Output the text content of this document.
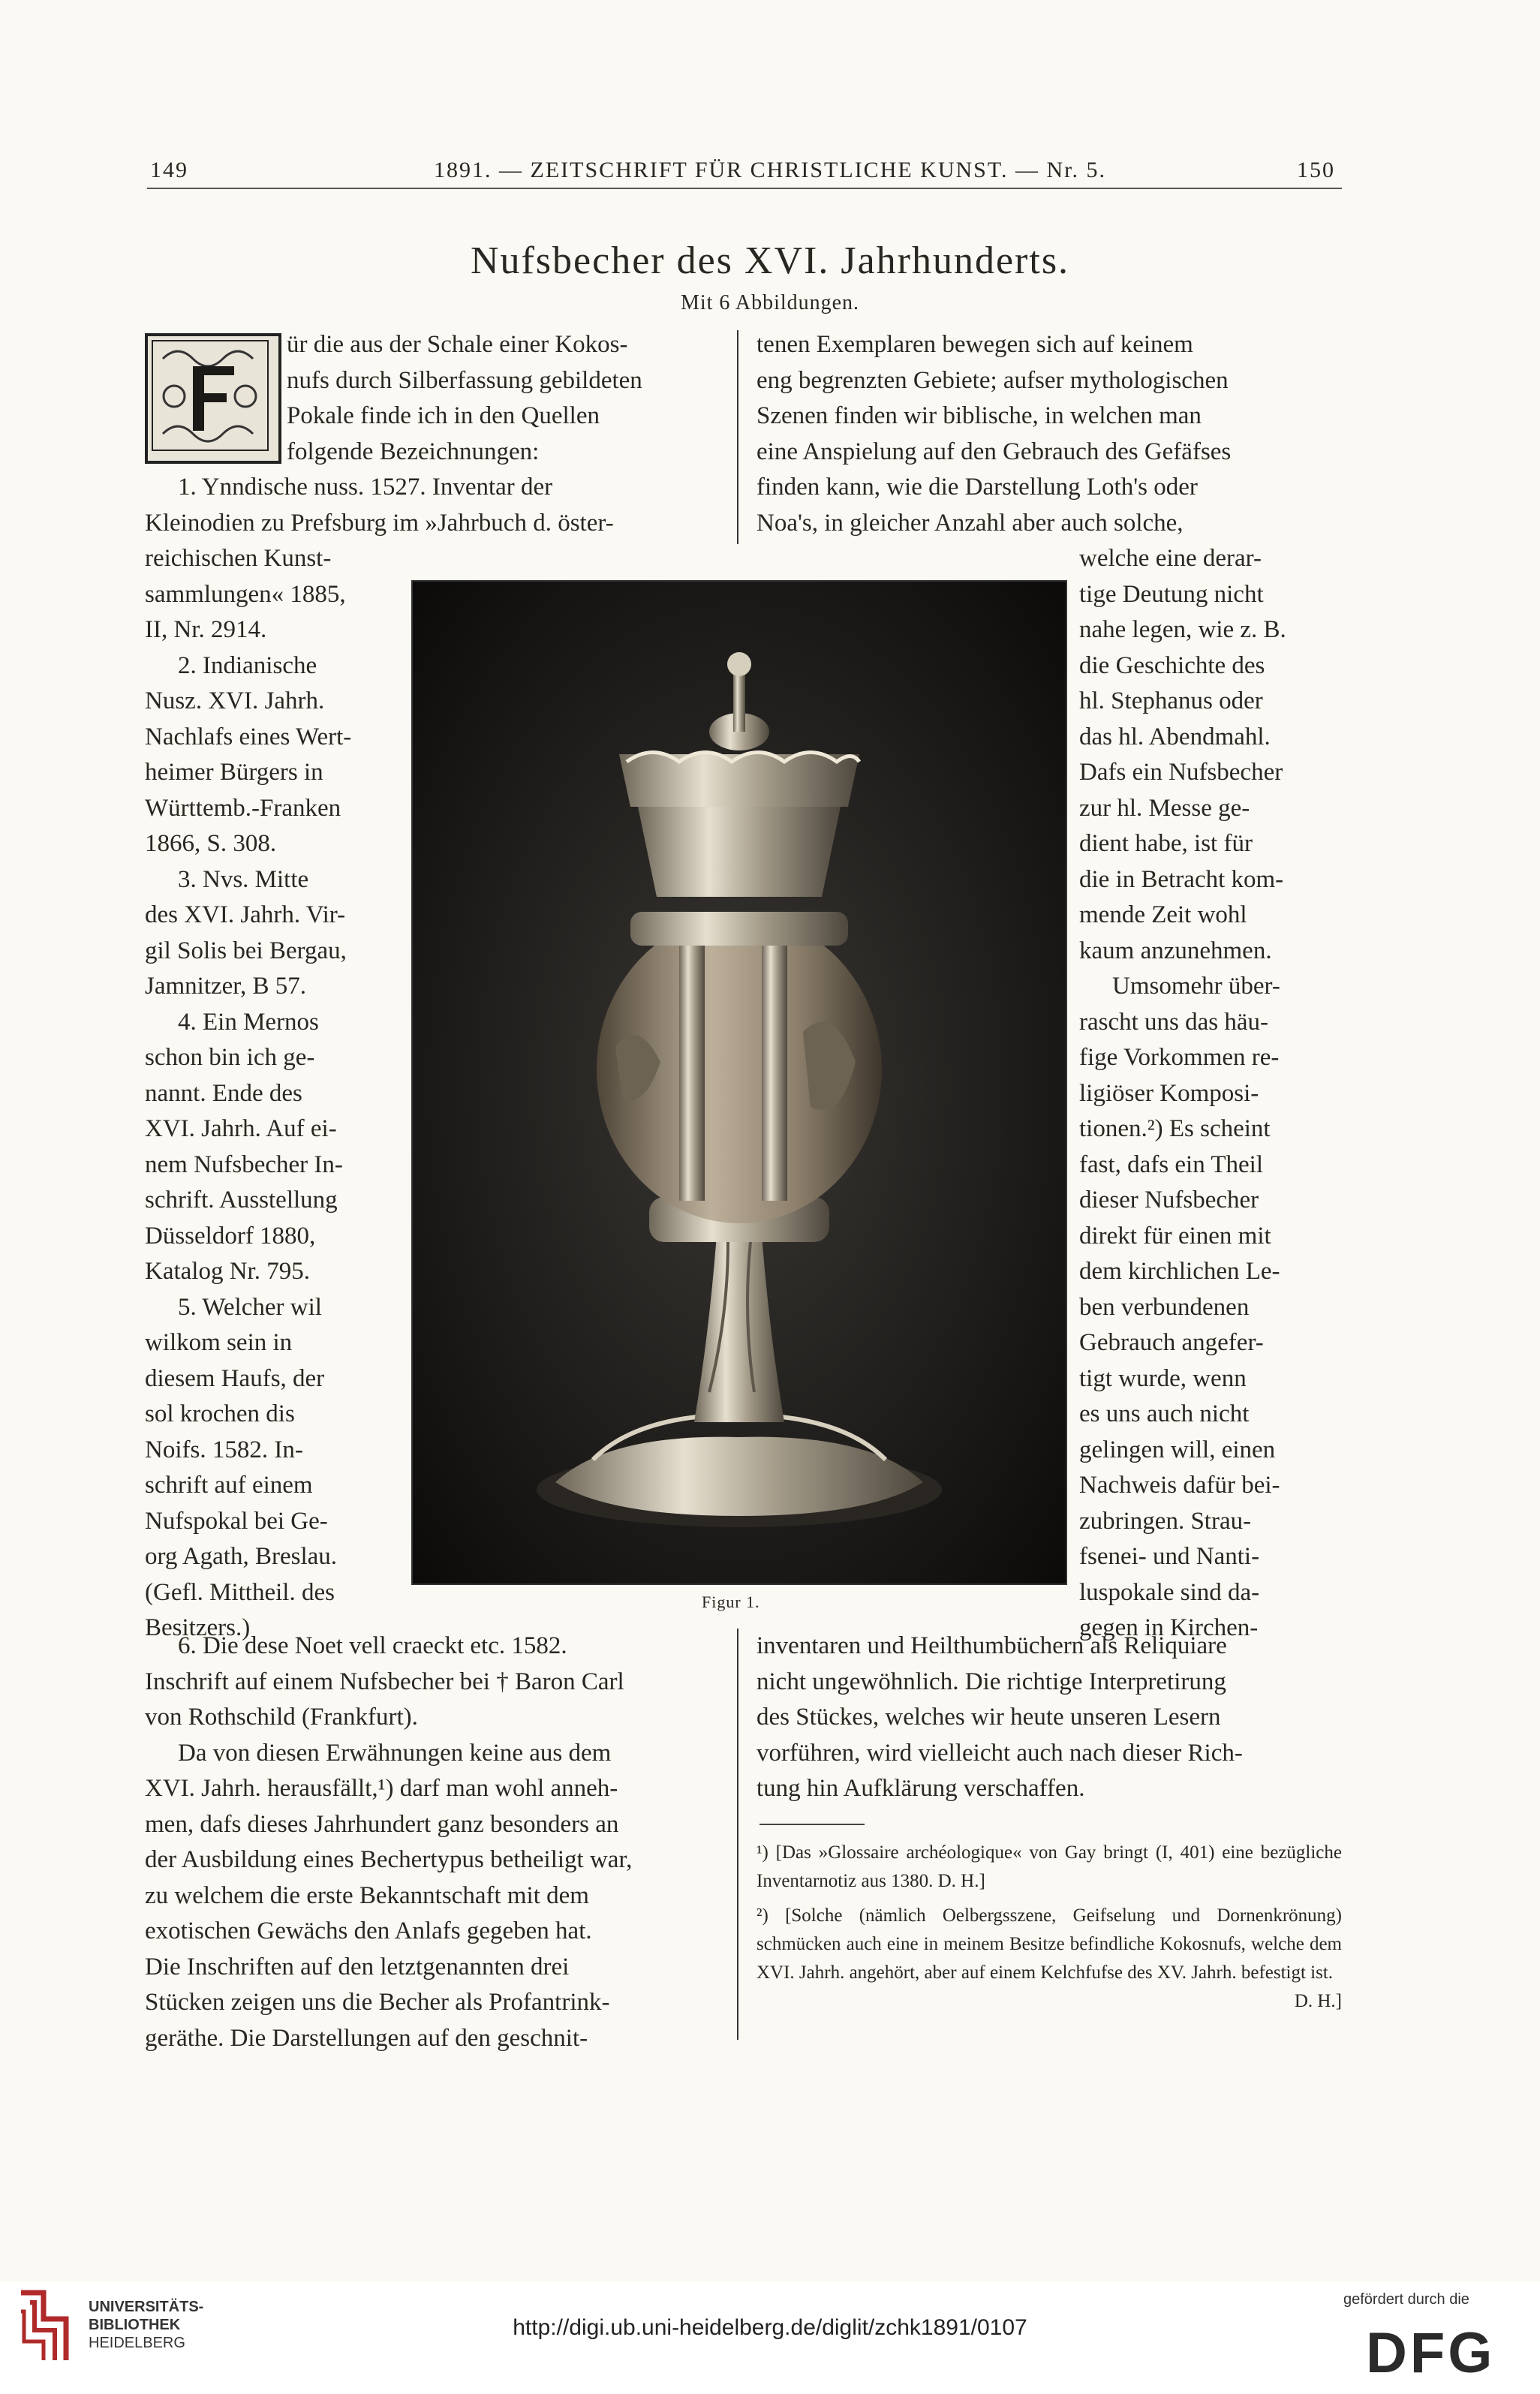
149	1891. — ZEITSCHRIFT FÜR CHRISTLICHE KUNST. — Nr. 5.	150
Nufsbecher des XVI. Jahrhunderts.
Mit 6 Abbildungen.

ür die aus der Schale einer Kokos-

nufs durch Silberfassung gebildeten

Pokale finde ich in den Quellen

folgende Bezeichnungen:

1. Ynndische nuss. 1527. Inventar der

Kleinodien zu Prefsburg im »Jahrbuch d. öster-

reichischen Kunst-

sammlungen« 1885,

II, Nr. 2914.

2. Indianische

Nusz. XVI. Jahrh.

Nachlafs eines Wert-

heimer Bürgers in

Württemb.-Franken

1866, S. 308.

3. Nvs. Mitte

des XVI. Jahrh. Vir-

gil Solis bei Bergau,

Jamnitzer, B 57.

4. Ein Mernos

schon bin ich ge-

nannt. Ende des

XVI. Jahrh. Auf ei-

nem Nufsbecher In-

schrift. Ausstellung

Düsseldorf 1880,

Katalog Nr. 795.

5. Welcher wil

wilkom sein in

diesem Haufs, der

sol krochen dis

Noifs. 1582. In-

schrift auf einem

Nufspokal bei Ge-

org Agath, Breslau.

(Gefl. Mittheil. des

Besitzers.)

6. Die dese Noet vell craeckt etc. 1582.

Inschrift auf einem Nufsbecher bei † Baron Carl

von Rothschild (Frankfurt).

Da von diesen Erwähnungen keine aus dem

XVI. Jahrh. herausfällt,¹) darf man wohl anneh-

men, dafs dieses Jahrhundert ganz besonders an

der Ausbildung eines Bechertypus betheiligt war,

zu welchem die erste Bekanntschaft mit dem

exotischen Gewächs den Anlafs gegeben hat.

Die Inschriften auf den letztgenannten drei

Stücken zeigen uns die Becher als Profantrink-

geräthe. Die Darstellungen auf den geschnit-

tenen Exemplaren bewegen sich auf keinem

eng begrenzten Gebiete; aufser mythologischen

Szenen finden wir biblische, in welchen man

eine Anspielung auf den Gebrauch des Gefäfses

finden kann, wie die Darstellung Loth's oder

Noa's, in gleicher Anzahl aber auch solche,

welche eine derar-

tige Deutung nicht

nahe legen, wie z. B.

die Geschichte des

hl. Stephanus oder

das hl. Abendmahl.

Dafs ein Nufsbecher

zur hl. Messe ge-

dient habe, ist für

die in Betracht kom-

mende Zeit wohl

kaum anzunehmen.

Umsomehr über-

rascht uns das häu-

fige Vorkommen re-

ligiöser Komposi-

tionen.²) Es scheint

fast, dafs ein Theil

dieser Nufsbecher

direkt für einen mit

dem kirchlichen Le-

ben verbundenen

Gebrauch angefer-

tigt wurde, wenn

es uns auch nicht

gelingen will, einen

Nachweis dafür bei-

zubringen. Strau-

fsenei- und Nanti-

luspokale sind da-

gegen in Kirchen-

inventaren und Heilthumbüchern als Reliquiare

nicht ungewöhnlich. Die richtige Interpretirung

des Stückes, welches wir heute unseren Lesern

vorführen, wird vielleicht auch nach dieser Rich-

tung hin Aufklärung verschaffen.

¹) [Das »Glossaire archéologique« von Gay bringt (I, 401) eine bezügliche Inventarnotiz aus 1380. D. H.]

²) [Solche (nämlich Oelbergsszene, Geifselung und Dornenkrönung) schmücken auch eine in meinem Besitze befindliche Kokosnufs, welche dem XVI. Jahrh. angehört, aber auf einem Kelchfufse des XV. Jahrh. befestigt ist.

D. H.]

Figur 1.
UNIVERSITÄTS-
BIBLIOTHEK
HEIDELBERG
http://digi.ub.uni-heidelberg.de/diglit/zchk1891/0107
gefördert durch die
DFG
